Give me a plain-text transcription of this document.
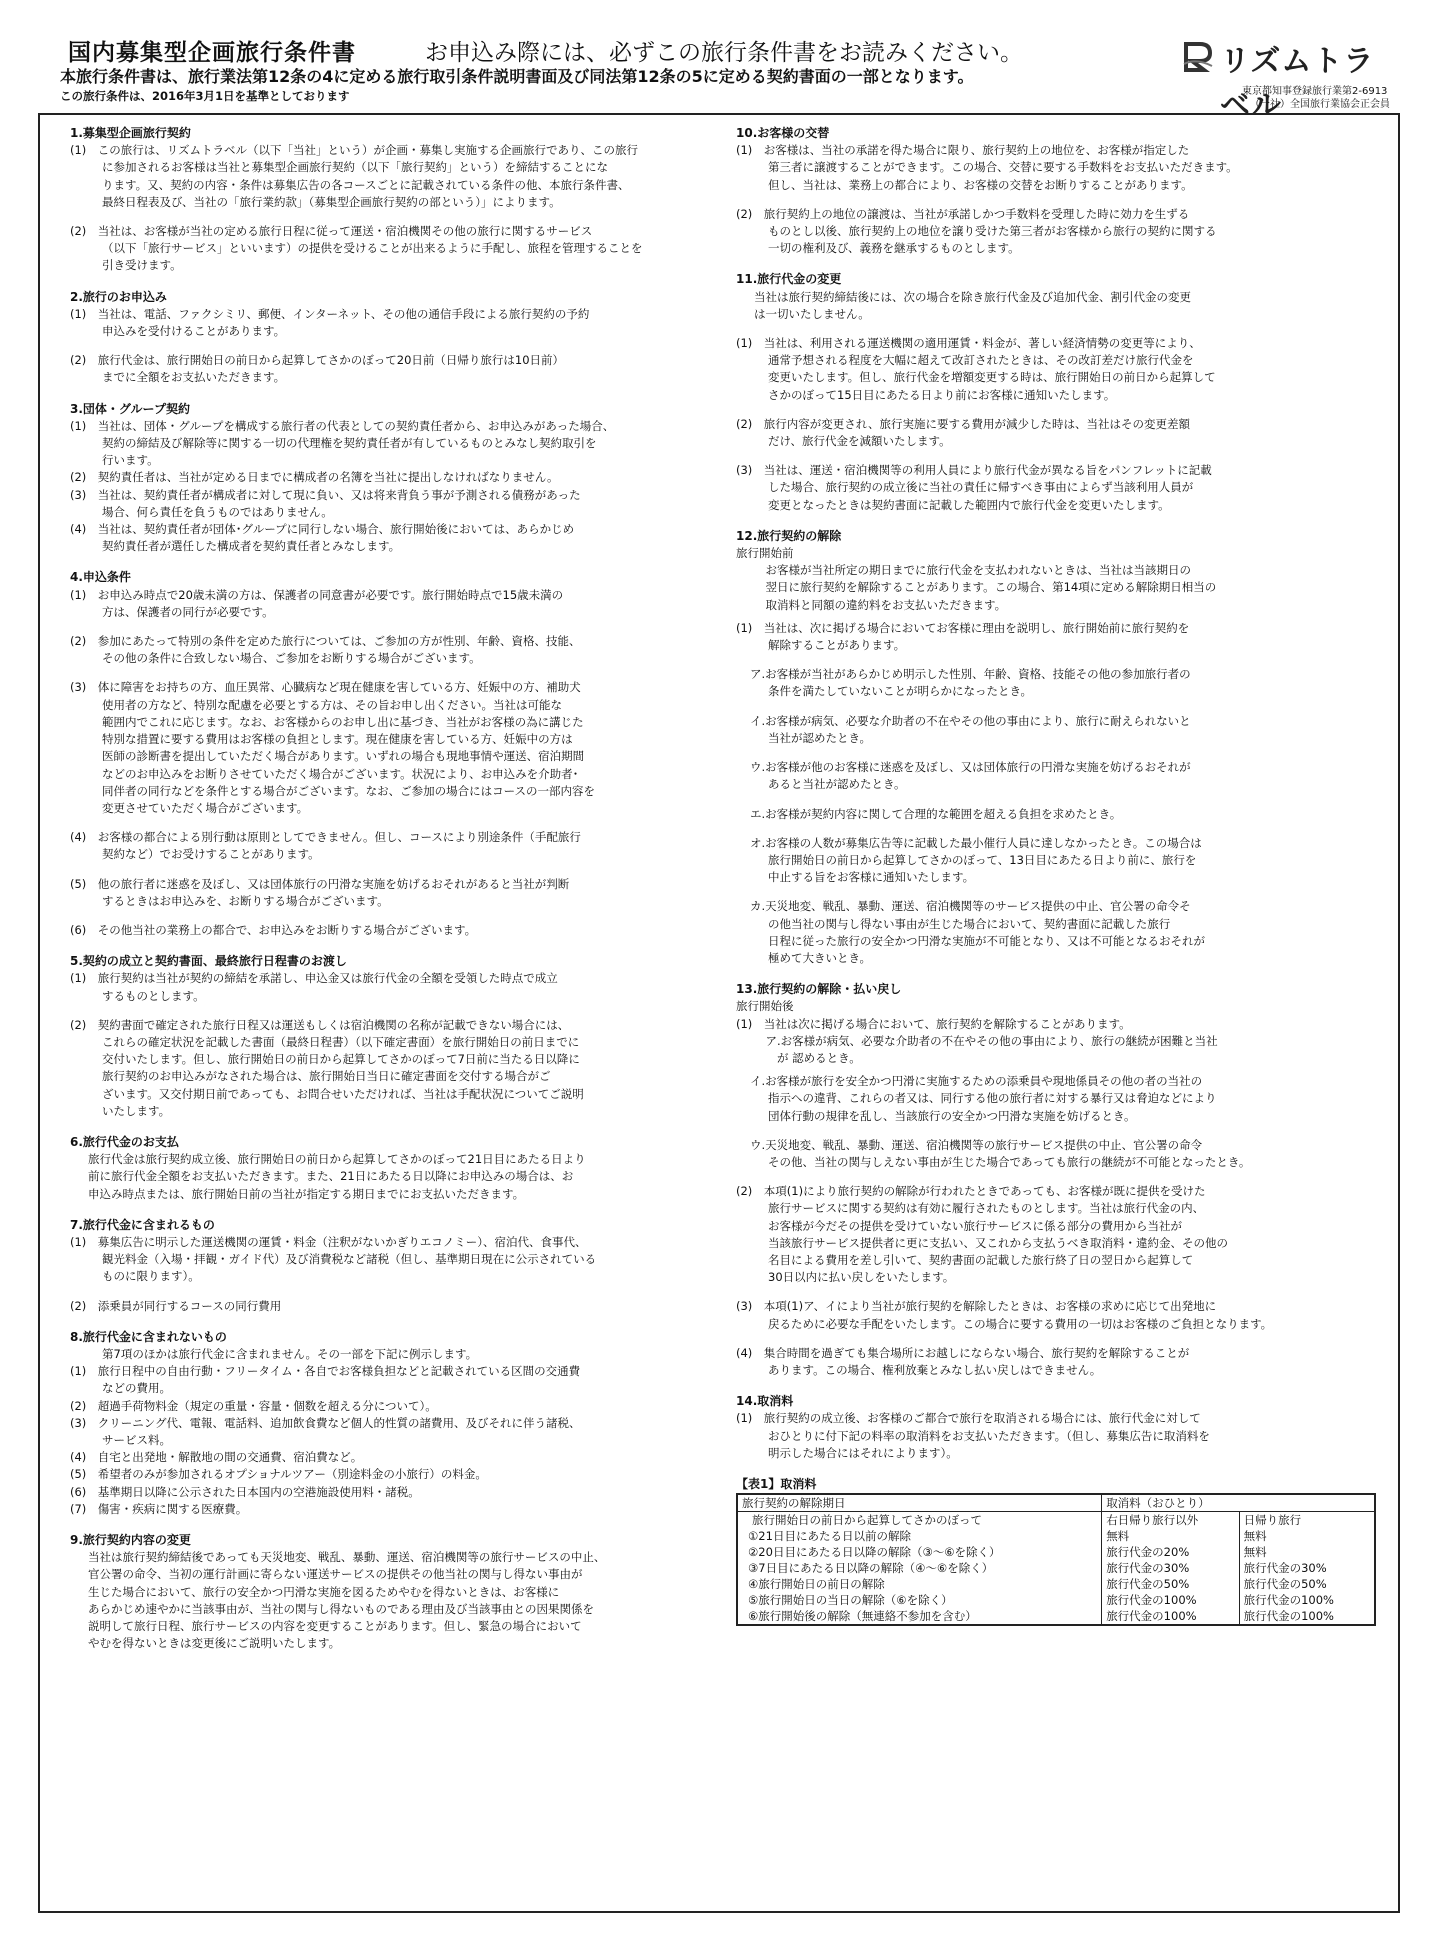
国内募集型企画旅行条件書	お申込み際には、必ずこの旅行条件書をお読みください。
本旅行条件書は、旅行業法第12条の4に定める旅行取引条件説明書面及び同法第12条の5に定める契約書面の一部となります。
この旅行条件は、2016年3月1日を基準としております
リズムトラベル
東京都知事登録旅行業第2-6913
（一社）全国旅行業協会正会員
1.募集型企画旅行契約
(1)　この旅行は、リズムトラベル（以下「当社」という）が企画・募集し実施する企画旅行であり、この旅行
に参加されるお客様は当社と募集型企画旅行契約（以下「旅行契約」という）を締結することにな
ります。又、契約の内容・条件は募集広告の各コースごとに記載されている条件の他、本旅行条件書、
最終日程表及び、当社の「旅行業約款」（募集型企画旅行契約の部という）」によります。
(2)　当社は、お客様が当社の定める旅行日程に従って運送・宿泊機関その他の旅行に関するサービス
（以下「旅行サービス」といいます）の提供を受けることが出来るように手配し、旅程を管理することを
引き受けます。
2.旅行のお申込み
(1)　当社は、電話、ファクシミリ、郵便、インターネット、その他の通信手段による旅行契約の予約
申込みを受付けることがあります。
(2)　旅行代金は、旅行開始日の前日から起算してさかのぼって20日前（日帰り旅行は10日前）
までに全額をお支払いただきます。
3.団体・グループ契約
(1)　当社は、団体・グループを構成する旅行者の代表としての契約責任者から、お申込みがあった場合、
契約の締結及び解除等に関する一切の代理権を契約責任者が有しているものとみなし契約取引を
行います。
(2)　契約責任者は、当社が定める日までに構成者の名簿を当社に提出しなければなりません。
(3)　当社は、契約責任者が構成者に対して現に負い、又は将来背負う事が予測される債務があった
場合、何ら責任を負うものではありません。
(4)　当社は、契約責任者が団体･グループに同行しない場合、旅行開始後においては、あらかじめ
契約責任者が選任した構成者を契約責任者とみなします。
4.申込条件
(1)　お申込み時点で20歳未満の方は、保護者の同意書が必要です。旅行開始時点で15歳未満の
方は、保護者の同行が必要です。
(2)　参加にあたって特別の条件を定めた旅行については、ご参加の方が性別、年齢、資格、技能、
その他の条件に合致しない場合、ご参加をお断りする場合がございます。
(3)　体に障害をお持ちの方、血圧異常、心臓病など現在健康を害している方、妊娠中の方、補助犬
使用者の方など、特別な配慮を必要とする方は、その旨お申し出ください。当社は可能な
範囲内でこれに応じます。なお、お客様からのお申し出に基づき、当社がお客様の為に講じた
特別な措置に要する費用はお客様の負担とします。現在健康を害している方、妊娠中の方は
医師の診断書を提出していただく場合があります。いずれの場合も現地事情や運送、宿泊期間
などのお申込みをお断りさせていただく場合がございます。状況により、お申込みを介助者･
同伴者の同行などを条件とする場合がございます。なお、ご参加の場合にはコースの一部内容を
変更させていただく場合がございます。
(4)　お客様の都合による別行動は原則としてできません。但し、コースにより別途条件（手配旅行
契約など）でお受けすることがあります。
(5)　他の旅行者に迷惑を及ぼし、又は団体旅行の円滑な実施を妨げるおそれがあると当社が判断
するときはお申込みを、お断りする場合がございます。
(6)　その他当社の業務上の都合で、お申込みをお断りする場合がございます。
5.契約の成立と契約書面、最終旅行日程書のお渡し
(1)　旅行契約は当社が契約の締結を承諾し、申込金又は旅行代金の全額を受領した時点で成立
するものとします。
(2)　契約書面で確定された旅行日程又は運送もしくは宿泊機関の名称が記載できない場合には、
これらの確定状況を記載した書面（最終日程書）（以下確定書面）を旅行開始日の前日までに
交付いたします。但し、旅行開始日の前日から起算してさかのぼって7日前に当たる日以降に
旅行契約のお申込みがなされた場合は、旅行開始日当日に確定書面を交付する場合がご
ざいます。又交付期日前であっても、お問合せいただければ、当社は手配状況についてご説明
いたします。
6.旅行代金のお支払
旅行代金は旅行契約成立後、旅行開始日の前日から起算してさかのぼって21日目にあたる日より
前に旅行代金全額をお支払いただきます。また、21日にあたる日以降にお申込みの場合は、お
申込み時点または、旅行開始日前の当社が指定する期日までにお支払いただきます。
7.旅行代金に含まれるもの
(1)　募集広告に明示した運送機関の運賃・料金（注釈がないかぎりエコノミー）、宿泊代、食事代、
観光料金（入場・拝観・ガイド代）及び消費税など諸税（但し、基準期日現在に公示されている
ものに限ります）。
(2)　添乗員が同行するコースの同行費用
8.旅行代金に含まれないもの
第7項のほかは旅行代金に含まれません。その一部を下記に例示します。
(1)　旅行日程中の自由行動・フリータイム・各自でお客様負担などと記載されている区間の交通費
などの費用。
(2)　超過手荷物料金（規定の重量・容量・個数を超える分について）。
(3)　クリーニング代、電報、電話料、追加飲食費など個人的性質の諸費用、及びそれに伴う諸税、
サービス料。
(4)　自宅と出発地・解散地の間の交通費、宿泊費など。
(5)　希望者のみが参加されるオプショナルツアー（別途料金の小旅行）の料金。
(6)　基準期日以降に公示された日本国内の空港施設使用料・諸税。
(7)　傷害・疾病に関する医療費。
9.旅行契約内容の変更
当社は旅行契約締結後であっても天災地変、戦乱、暴動、運送、宿泊機関等の旅行サービスの中止、
官公署の命令、当初の運行計画に寄らない運送サービスの提供その他当社の関与し得ない事由が
生じた場合において、旅行の安全かつ円滑な実施を図るためやむを得ないときは、お客様に
あらかじめ速やかに当該事由が、当社の関与し得ないものである理由及び当該事由との因果関係を
説明して旅行日程、旅行サービスの内容を変更することがあります。但し、緊急の場合において
やむを得ないときは変更後にご説明いたします。
10.お客様の交替
(1)　お客様は、当社の承諾を得た場合に限り、旅行契約上の地位を、お客様が指定した
第三者に譲渡することができます。この場合、交替に要する手数料をお支払いただきます。
但し、当社は、業務上の都合により、お客様の交替をお断りすることがあります。
(2)　旅行契約上の地位の譲渡は、当社が承諾しかつ手数料を受理した時に効力を生ずる
ものとし以後、旅行契約上の地位を譲り受けた第三者がお客様から旅行の契約に関する
一切の権利及び、義務を継承するものとします。
11.旅行代金の変更
当社は旅行契約締結後には、次の場合を除き旅行代金及び追加代金、割引代金の変更
は一切いたしません。
(1)　当社は、利用される運送機関の適用運賃・料金が、著しい経済情勢の変更等により、
通常予想される程度を大幅に超えて改訂されたときは、その改訂差だけ旅行代金を
変更いたします。但し、旅行代金を増額変更する時は、旅行開始日の前日から起算して
さかのぼって15日目にあたる日より前にお客様に通知いたします。
(2)　旅行内容が変更され、旅行実施に要する費用が減少した時は、当社はその変更差額
だけ、旅行代金を減額いたします。
(3)　当社は、運送・宿泊機関等の利用人員により旅行代金が異なる旨をパンフレットに記載
した場合、旅行契約の成立後に当社の責任に帰すべき事由によらず当該利用人員が
変更となったときは契約書面に記載した範囲内で旅行代金を変更いたします。
12.旅行契約の解除
旅行開始前
　お客様が当社所定の期日までに旅行代金を支払われないときは、当社は当該期日の
　翌日に旅行契約を解除することがあります。この場合、第14項に定める解除期日相当の
　取消料と同額の違約料をお支払いただきます。
(1)　当社は、次に掲げる場合においてお客様に理由を説明し、旅行開始前に旅行契約を
解除することがあります。
ア.お客様が当社があらかじめ明示した性別、年齢、資格、技能その他の参加旅行者の
条件を満たしていないことが明らかになったとき。
イ.お客様が病気、必要な介助者の不在やその他の事由により、旅行に耐えられないと
当社が認めたとき。
ウ.お客様が他のお客様に迷惑を及ぼし、又は団体旅行の円滑な実施を妨げるおそれが
あると当社が認めたとき。
エ.お客様が契約内容に関して合理的な範囲を超える負担を求めたとき。
オ.お客様の人数が募集広告等に記載した最小催行人員に達しなかったとき。この場合は
旅行開始日の前日から起算してさかのぼって、13日目にあたる日より前に、旅行を
中止する旨をお客様に通知いたします。
カ.天災地変、戦乱、暴動、運送、宿泊機関等のサービス提供の中止、官公署の命令そ
の他当社の関与し得ない事由が生じた場合において、契約書面に記載した旅行
日程に従った旅行の安全かつ円滑な実施が不可能となり、又は不可能となるおそれが
極めて大きいとき。
13.旅行契約の解除・払い戻し
旅行開始後
(1)　当社は次に掲げる場合において、旅行契約を解除することがあります。
　ア.お客様が病気、必要な介助者の不在やその他の事由により、旅行の継続が困難と当社
　　が 認めるとき。
イ.お客様が旅行を安全かつ円滑に実施するための添乗員や現地係員その他の者の当社の
指示への違背、これらの者又は、同行する他の旅行者に対する暴行又は脅迫などにより
団体行動の規律を乱し、当該旅行の安全かつ円滑な実施を妨げるとき。
ウ.天災地変、戦乱、暴動、運送、宿泊機関等の旅行サービス提供の中止、官公署の命令
その他、当社の関与しえない事由が生じた場合であっても旅行の継続が不可能となったとき。
(2)　本項(1)により旅行契約の解除が行われたときであっても、お客様が既に提供を受けた
旅行サービスに関する契約は有効に履行されたものとします。当社は旅行代金の内、
お客様が今だその提供を受けていない旅行サービスに係る部分の費用から当社が
当該旅行サービス提供者に更に支払い、又これから支払うべき取消料・違約金、その他の
名目による費用を差し引いて、契約書面の記載した旅行終了日の翌日から起算して
30日以内に払い戻しをいたします。
(3)　本項(1)ア、イにより当社が旅行契約を解除したときは、お客様の求めに応じて出発地に
戻るために必要な手配をいたします。この場合に要する費用の一切はお客様のご負担となります。
(4)　集合時間を過ぎても集合場所にお越しにならない場合、旅行契約を解除することが
あります。この場合、権利放棄とみなし払い戻しはできません。
14.取消料
(1)　旅行契約の成立後、お客様のご都合で旅行を取消される場合には、旅行代金に対して
おひとりに付下記の料率の取消料をお支払いただきます。（但し、募集広告に取消料を
明示した場合にはそれによります）。
【表1】取消料
旅行契約の解除期日	取消料（おひとり）	
旅行開始日の前日から起算してさかのぼって	右日帰り旅行以外	日帰り旅行
①21日目にあたる日以前の解除	無料	無料
②20日目にあたる日以降の解除（③～⑥を除く）	旅行代金の20%	無料
③7日目にあたる日以降の解除（④～⑥を除く）	旅行代金の30%	旅行代金の30%
④旅行開始日の前日の解除	旅行代金の50%	旅行代金の50%
⑤旅行開始日の当日の解除（⑥を除く）	旅行代金の100%	旅行代金の100%
⑥旅行開始後の解除（無連絡不参加を含む）	旅行代金の100%	旅行代金の100%
